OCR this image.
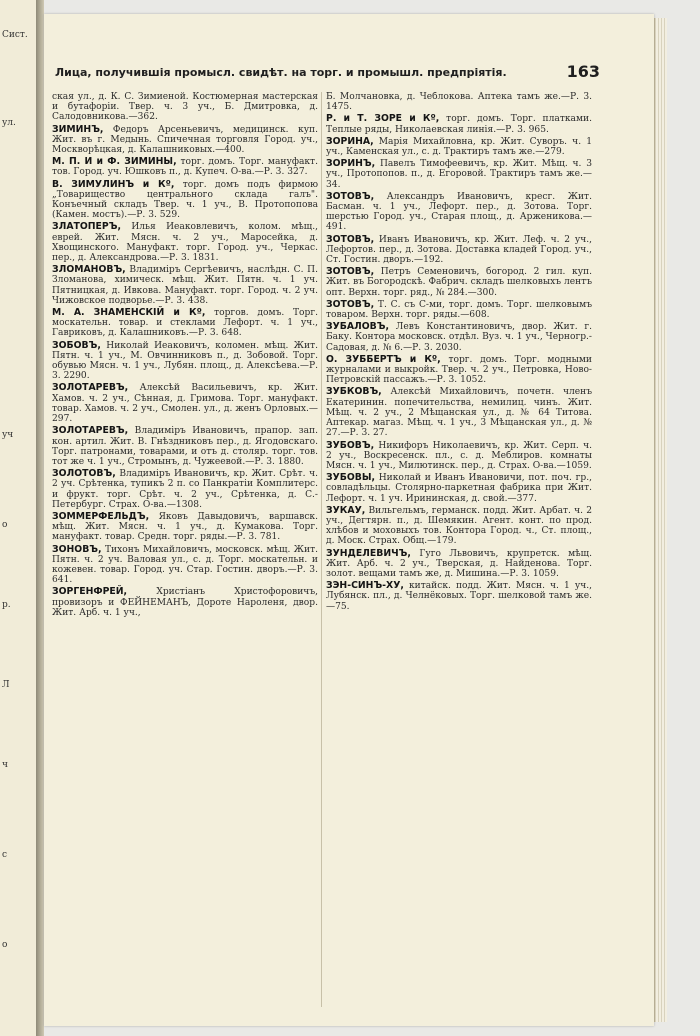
Сист.
ул.
уч
о
р.
Л
ч
с
о
Лица, получившія промысл. свидѣт. на торг. и промышл. предпріятія.	163

ская ул., д. К. С. Зимиеной. Костюмерная мастерская и бутафоріи. Твер. ч. 3 уч., Б. Дмитровка, д. Салодовникова.—362.

ЗИМИНЪ, Федоръ Арсеньевичъ, медицинск. куп. Жит. въ г. Медынь. Спичечная торговля Город. уч., Москворѣцкая, д. Калашниковых.—400.

М. П. И и Ф. ЗИМИНЫ, торг. домъ. Торг. мануфакт. тов. Город. уч. Юшковъ п., д. Купеч. О-ва.—Р. 3. 327.

В. ЗИМУЛИНЪ и Кº, торг. домъ подъ фирмою „Товарищество центрального склада галъ". Конъечный складъ Твер. ч. 1 уч., В. Протопопова (Камен. мостъ).—Р. 3. 529.

ЗЛАТОПЕРЪ, Илья Иеаковлевичъ, колом. мѣщ., еврей. Жит. Мясн. ч. 2 уч., Маросейка, д. Хвощинского. Мануфакт. торг. Город. уч., Черкас. пер., д. Александрова.—Р. 3. 1831.

ЗЛОМАНОВЪ, Владиміръ Сергѣевичъ, наслѣдн. С. П. Зломанова, химическ. мѣщ. Жит. Пятн. ч. 1 уч. Пятницкая, д. Ивкова. Мануфакт. торг. Город. ч. 2 уч. Чижовское подворье.—Р. 3. 438.

М. А. ЗНАМЕНСКІЙ и Кº, торгов. домъ. Торг. москательн. товар. и стеклами Лефорт. ч. 1 уч., Гавриковъ, д. Калашниковъ.—Р. 3. 648.

ЗОБОВЪ, Николай Иеаковичъ, коломен. мѣщ. Жит. Пятн. ч. 1 уч., М. Овчинниковъ п., д. Зобовой. Торг. обувью Мясн. ч. 1 уч., Лубян. площ., д. Алексѣева.—Р. 3. 2290.

ЗОЛОТАРЕВЪ, Алексѣй Васильевичъ, кр. Жит. Хамов. ч. 2 уч., Сѣнная, д. Гримова. Торг. мануфакт. товар. Хамов. ч. 2 уч., Смолен. ул., д. женъ Орловых.—297.

ЗОЛОТАРЕВЪ, Владиміръ Ивановичъ, прапор. зап. кон. артил. Жит. В. Гнѣздниковъ пер., д. Ягодовскаго. Торг. патронами, товарами, и отъ д. столяр. торг. тов. тот же ч. 1 уч., Стромынъ, д. Чужеевой.—Р. 3. 1880.

ЗОЛОТОВЪ, Владиміръ Ивановичъ, кр. Жит. Срѣт. ч. 2 уч. Срѣтенка, тупикъ 2 п. со Панкратіи Комплитерс. и фрукт. торг. Срѣт. ч. 2 уч., Срѣтенка, д. С.-Петербург. Страх. О-ва.—1308.

ЗОММЕРФЕЛЬДЪ, Яковъ Давыдовичъ, варшавск. мѣщ. Жит. Мясн. ч. 1 уч., д. Кумакова. Торг. мануфакт. товар. Средн. торг. ряды.—Р. 3. 781.

ЗОНОВЪ, Тихонъ Михайловичъ, московск. мѣщ. Жит. Пятн. ч. 2 уч. Валовая ул., с. д. Торг. москательн. и кожевен. товар. Город. уч. Стар. Гостин. дворъ.—Р. 3. 641.

ЗОРГЕНФРЕЙ,	Христіанъ Христофоровичъ, провизоръ и ФЕЙНЕМАНЪ, Дороте Нароленя, двор. Жит. Арб. ч. 1 уч.,

Б. Молчановка, д. Чеблокова. Аптека тамъ же.—Р. 3. 1475.

Р. и Т. ЗОРЕ и Кº, торг. домъ. Торг. платками. Теплые ряды, Николаевская линія.—Р. 3. 965.

ЗОРИНА, Марія Михайловна, кр. Жит. Суворъ. ч. 1 уч., Каменская ул., с. д. Трактиръ тамъ же.—279.

ЗОРИНЪ, Павелъ Тимофеевичъ, кр. Жит. Мѣщ. ч. 3 уч., Протопопов. п., д. Егоровой. Трактиръ тамъ же.—34.

ЗОТОВЪ, Александръ Ивановичъ, кресг. Жит. Басман. ч. 1 уч., Лефорт. пер., д. Зотова. Торг. шерстью Город. уч., Старая площ., д. Арженикова.—491.

ЗОТОВЪ, Иванъ Ивановичъ, кр. Жит. Леф. ч. 2 уч., Лефортов. пер., д. Зотова. Доставка кладей Город. уч., Ст. Гостин. дворъ.—192.

ЗОТОВЪ, Петръ Семеновичъ, богород. 2 гил. куп. Жит. въ Богородскѣ. Фабрич. складъ шелковыхъ лентъ опт. Верхн. торг. ряд., № 284.—300.

ЗОТОВЪ, Т. С. съ С-ми, торг. домъ. Торг. шелковымъ товаром. Верхн. торг. ряды.—608.

ЗУБАЛОВЪ, Левъ Константиновичъ, двор. Жит. г. Баку. Контора московск. отдѣл. Вуз. ч. 1 уч., Черногр.-Садовая, д. № 6.—Р. 3. 2030.

О. ЗУББЕРТЪ и Кº, торг. домъ. Торг. модными журналами и выкройк. Твер. ч. 2 уч., Петровка, Ново-Петровскій пассажъ.—Р. 3. 1052.

ЗУБКОВЪ, Алексѣй Михайловичъ, почетн. членъ Екатеринин. попечительства, немилиц. чинъ. Жит. Мѣщ. ч. 2 уч., 2 Мѣщанская ул., д. № 64 Титова. Аптекар. магаз. Мѣщ. ч. 1 уч., 3 Мѣщанская ул., д. № 27.—Р. 3. 27.

ЗУБОВЪ, Никифоръ Николаевичъ, кр. Жит. Серп. ч. 2 уч., Воскресенск. пл., с. д. Меблиров. комнаты Мясн. ч. 1 уч., Милютинск. пер., д. Страх. О-ва.—1059.

ЗУБОВЫ, Николай и Иванъ Ивановичи, пот. поч. гр., совладѣльцы. Столярно-паркетная фабрика при Жит. Лефорт. ч. 1 уч. Ирининская, д. свой.—377.

ЗУКАУ, Вильгельмъ, германск. подд. Жит. Арбат. ч. 2 уч., Дегтярн. п., д. Шемякин. Агент. конт. по прод. хлѣбов и моховыхъ тов. Контора Город. ч., Ст. площ., д. Моск. Страх. Общ.—179.

ЗУНДЕЛЕВИЧЪ, Гуго Львовичъ, крупретск. мѣщ. Жит. Арб. ч. 2 уч., Тверская, д. Найденова. Торг. золот. вещами тамъ же, д. Мишина.—Р. 3. 1059.

ЗЭН-СИНЪ-ХУ, китайск. подд. Жит. Мясн. ч. 1 уч., Лубянск. пл., д. Челнёковых. Торг. шелковой тамъ же.—75.
